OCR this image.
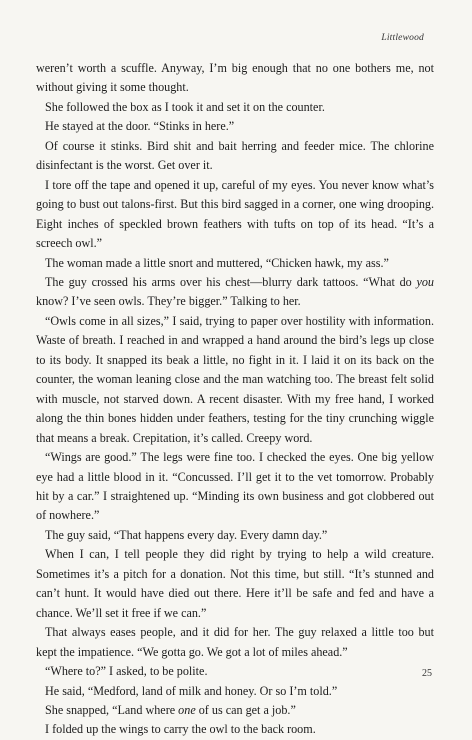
Littlewood

weren’t worth a scuffle. Anyway, I’m big enough that no one bothers me, not without giving it some thought.

She followed the box as I took it and set it on the counter.

He stayed at the door. “Stinks in here.”

Of course it stinks. Bird shit and bait herring and feeder mice. The chlorine disinfectant is the worst. Get over it.

I tore off the tape and opened it up, careful of my eyes. You never know what’s going to bust out talons-first. But this bird sagged in a corner, one wing drooping. Eight inches of speckled brown feathers with tufts on top of its head. “It’s a screech owl.”

The woman made a little snort and muttered, “Chicken hawk, my ass.”

The guy crossed his arms over his chest—blurry dark tattoos. “What do you know? I’ve seen owls. They’re bigger.” Talking to her.

“Owls come in all sizes,” I said, trying to paper over hostility with information. Waste of breath. I reached in and wrapped a hand around the bird’s legs up close to its body. It snapped its beak a little, no fight in it. I laid it on its back on the counter, the woman leaning close and the man watching too. The breast felt solid with muscle, not starved down. A recent disaster. With my free hand, I worked along the thin bones hidden under feathers, testing for the tiny crunching wiggle that means a break. Crepitation, it’s called. Creepy word.

“Wings are good.” The legs were fine too. I checked the eyes. One big yellow eye had a little blood in it. “Concussed. I’ll get it to the vet tomorrow. Probably hit by a car.” I straightened up. “Minding its own business and got clobbered out of nowhere.”

The guy said, “That happens every day. Every damn day.”

When I can, I tell people they did right by trying to help a wild creature. Sometimes it’s a pitch for a donation. Not this time, but still. “It’s stunned and can’t hunt. It would have died out there. Here it’ll be safe and fed and have a chance. We’ll set it free if we can.”

That always eases people, and it did for her. The guy relaxed a little too but kept the impatience. “We gotta go. We got a lot of miles ahead.”

“Where to?” I asked, to be polite.

He said, “Medford, land of milk and honey. Or so I’m told.”

She snapped, “Land where one of us can get a job.”

I folded up the wings to carry the owl to the back room.

25
